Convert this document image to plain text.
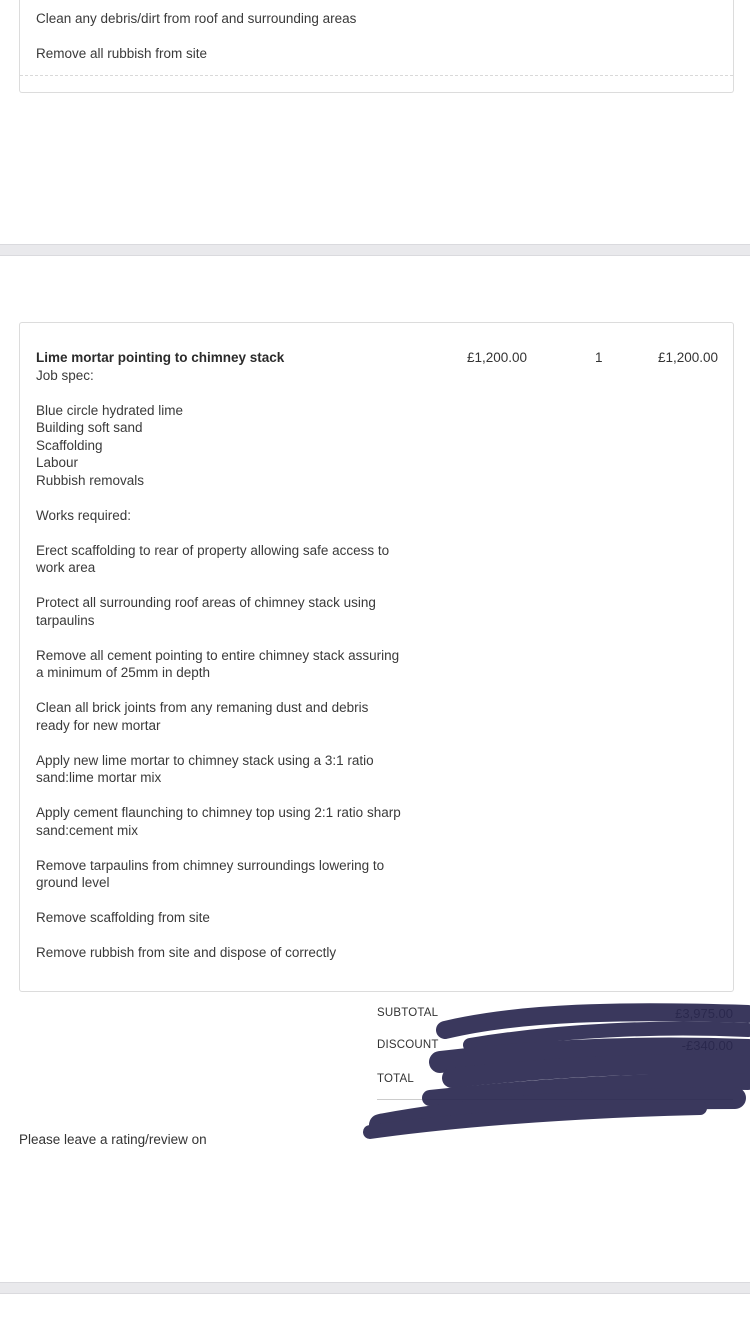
Clean any debris/dirt from roof and surrounding areas
Remove all rubbish from site
Lime mortar pointing to chimney stack	£1,200.00	1	£1,200.00
Job spec:
Blue circle hydrated lime
Building soft sand
Scaffolding
Labour
Rubbish removals
Works required:
Erect scaffolding to rear of property allowing safe access to
work area
Protect all surrounding roof areas of chimney stack using
tarpaulins
Remove all cement pointing to entire chimney stack assuring
a minimum of 25mm in depth
Clean all brick joints from any remaning dust and debris
ready for new mortar
Apply new lime mortar to chimney stack using a 3:1 ratio
sand:lime mortar mix
Apply cement flaunching to chimney top using 2:1 ratio sharp
sand:cement mix
Remove tarpaulins from chimney surroundings lowering to
ground level
Remove scaffolding from site
Remove rubbish from site and dispose of correctly
SUBTOTAL	£3,975.00
DISCOUNT	-£340.00
TOTAL
Please leave a rating/review on
